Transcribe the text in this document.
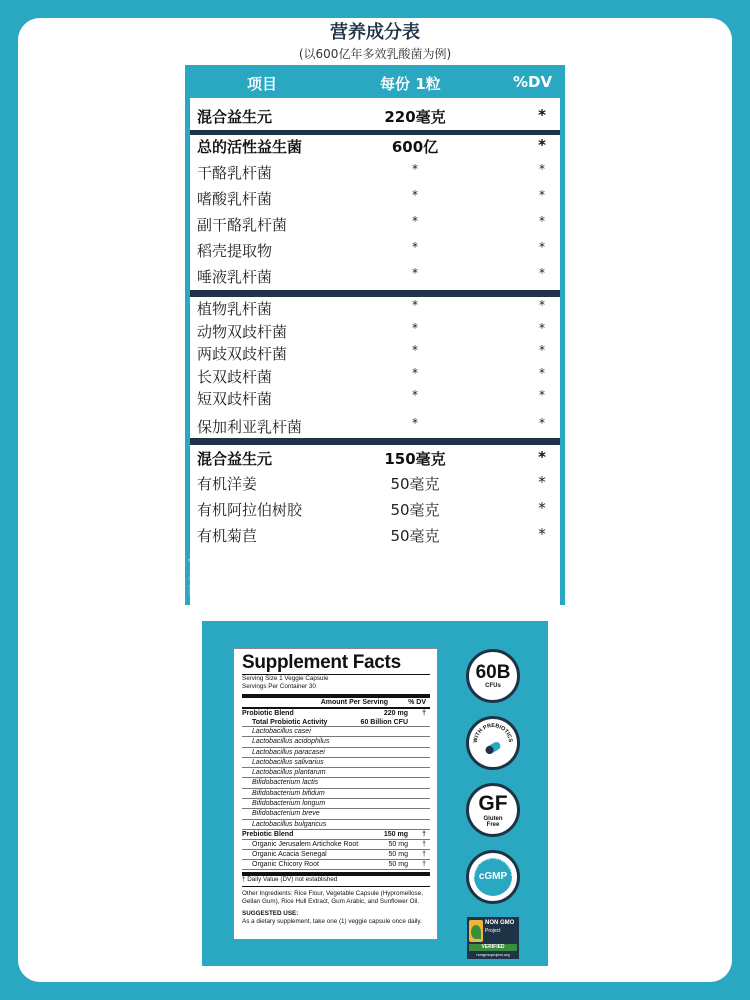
营养成分表
(以600亿年多效乳酸菌为例)
项目	每份 1粒	%DV
混合益生元	220毫克	*
总的活性益生菌	600亿	*
干酪乳杆菌	*	*
嗜酸乳杆菌	*	*
副干酪乳杆菌	*	*
稻壳提取物	*	*
唾液乳杆菌	*	*
植物乳杆菌	*	*
动物双歧杆菌	*	*
两歧双歧杆菌	*	*
长双歧杆菌	*	*
短双歧杆菌	*	*
保加利亚乳杆菌	*	*
混合益生元	150毫克	*
有机洋姜	50毫克	*
有机阿拉伯树胶	50毫克	*
有机菊苣	50毫克	*

** 日需量（DV）未确定。

其他成分：米粉，植物胶囊（羟丙纤维素，结冷胶），稻壳提取物，阿拉伯胶，向日葵油。

Supplement Facts
Serving Size 1 Veggie Capsule
Servings Per Container 30
Amount Per Serving	% DV
Probiotic Blend	220 mg †
Total Probiotic Activity	60 Billion CFU
Lactobacillus casei
Lactobacillus acidophilus
Lactobacillus paracasei
Lactobacillus salivarius
Lactobacillus plantarum
Bifidobacterium lactis
Bifidobacterium bifidum
Bifidobacterium longum
Bifidobacterium breve
Lactobacillus bulgaricus
Prebiotic Blend	150 mg †
Organic Jerusalem Artichoke Root	50 mg †
Organic Acacia Senegal	50 mg †
Organic Chicory Root	50 mg †
† Daily Value (DV) not established
Other Ingredients: Rice Flour, Vegetable Capsule (Hypromellose, Gellan Gum), Rice Hull Extract, Gum Arabic, and Sunflower Oil.
SUGGESTED USE:
As a dietary supplement, take one (1) veggie capsule once daily.
60B
CFUs
WITH PREBIOTICS
GF
Gluten Free
GOOD MANUFACTURING PR
cGMP
NON GMO
Project
VERIFIED
nongmoproject.org
